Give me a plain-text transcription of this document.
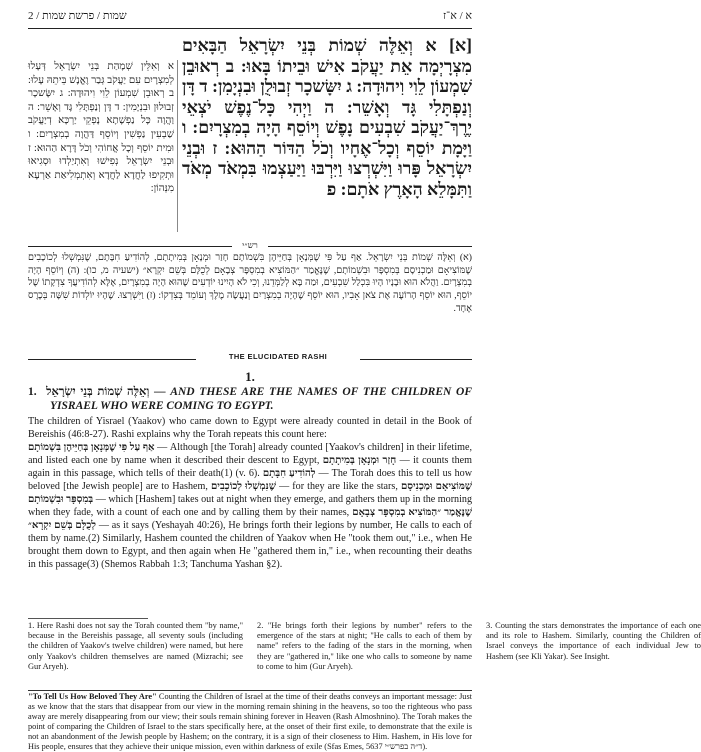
2 / שמות / פרשת שמות	א / א־ז
[א] א וְאֵלֶּה שְׁמוֹת בְּנֵי יִשְׂרָאֵל הַבָּאִים מִצְרָיְמָה אֵת יַעֲקֹב אִישׁ וּבֵיתוֹ בָּאוּ: ב רְאוּבֵן שִׁמְעוֹן לֵוִי וִיהוּדָה: ג יִשָּׂשכָר זְבוּלֻן וּבִנְיָמִן: ד דָּן וְנַפְתָּלִי גָּד וְאָשֵׁר: ה וַיְהִי כָּל־נֶפֶשׁ יֹצְאֵי יֶרֶךְ־יַעֲקֹב שִׁבְעִים נָפֶשׁ וְיוֹסֵף הָיָה בְמִצְרָיִם: ו וַיָּמָת יוֹסֵף וְכָל־אֶחָיו וְכֹל הַדּוֹר הַהוּא: ז וּבְנֵי יִשְׂרָאֵל פָּרוּ וַיִּשְׁרְצוּ וַיִּרְבּוּ וַיַּעַצְמוּ בִּמְאֹד מְאֹד וַתִּמָּלֵא הָאָרֶץ אֹתָם: פ
א וְאִלֵּין שְׁמָהַת בְּנֵי יִשְׂרָאֵל דְּעָלוּ לְמִצְרָיִם עִם יַעֲקֹב גְּבַר וֶאֱנָשׁ בֵּיתֵהּ עָלוּ: ב רְאוּבֵן שִׁמְעוֹן לֵוִי וִיהוּדָה: ג יִשָּׂשכָר זְבוּלוּן וּבִנְיָמִין: ד דָּן וְנַפְתָּלִי גָּד וְאָשֵׁר: ה וַהֲוָה כָּל נַפְשָׁתָא נָפְקֵי יַרְכָּא דְיַעֲקֹב שַׁבְעִין נַפְשִׁין וְיוֹסֵף דַּהֲוָה בְמִצְרָיִם: ו וּמִית יוֹסֵף וְכָל אֲחוֹהִי וְכֹל דָּרָא הַהוּא: ז וּבְנֵי יִשְׂרָאֵל נְפִישׁוּ וְאִתְיַלְדוּ וּסְגִיאוּ וּתְקִיפוּ לַחֲדָא לַחֲדָא וְאִתְמְלִיאַת אַרְעָא מִנְּהוֹן:
רש״י
(א) וְאֵלֶּה שְׁמוֹת בְּנֵי יִשְׂרָאֵל. אַף עַל פִּי שֶׁמְּנָאָן בְּחַיֵּיהֶן בִּשְׁמוֹתָם חָזַר וּמְנָאָן בְּמִיתָתָם, לְהוֹדִיעַ חִבָּתָם, שֶׁנִּמְשְׁלוּ לְכוֹכָבִים שֶׁמּוֹצִיאָם וּמַכְנִיסָם בְּמִסְפָּר וּבִשְׁמוֹתָם, שֶׁנֶּאֱמַר ״הַמּוֹצִיא בְמִסְפָּר צְבָאָם לְכֻלָּם בְּשֵׁם יִקְרָא״ (ישעיה מ, כו): (ה) וְיוֹסֵף הָיָה בְמִצְרָיִם. וַהֲלֹא הוּא וּבָנָיו הָיוּ בִּכְלַל שִׁבְעִים, וּמַה בָּא לְלַמְּדֵנוּ, וְכִי לֹא הָיִינוּ יוֹדְעִים שֶׁהוּא הָיָה בְמִצְרָיִם, אֶלָּא לְהוֹדִיעֲךָ צִדְקָתוֹ שֶׁל יוֹסֵף, הוּא יוֹסֵף הָרוֹעֶה אֶת צֹאן אָבִיו, הוּא יוֹסֵף שֶׁהָיָה בְמִצְרַיִם וְנַעֲשָׂה מֶלֶךְ וְעוֹמֵד בְּצִדְקוֹ: (ז) וַיִּשְׁרְצוּ. שֶׁהָיוּ יוֹלְדוֹת שִׁשָּׁה בְּכֶרֶס אֶחָד.
THE ELUCIDATED RASHI
1.

1. וְאֵלֶּה שְׁמוֹת בְּנֵי יִשְׂרָאֵל — AND THESE ARE THE NAMES OF THE CHILDREN OF YISRAEL WHO WERE COMING TO EGYPT.

The children of Yisrael (Yaakov) who came down to Egypt were already counted in detail in the Book of Bereishis (46:8-27). Rashi explains why the Torah repeats this count here:

אַף עַל פִּי שֶׁמְּנָאָן בְּחַיֵּיהֶן בִּשְׁמוֹתָם — Although [the Torah] already counted [Yaakov's children] in their lifetime, and listed each one by name when it described their descent to Egypt, חָזַר וּמְנָאָן בְּמִיתָתָם — it counts them again in this passage, which tells of their death(1) (v. 6). לְהוֹדִיעַ חִבָּתָם — The Torah does this to tell us how beloved [the Jewish people] are to Hashem, שֶׁנִּמְשְׁלוּ לְכוֹכָבִים — for they are like the stars, שֶׁמּוֹצִיאָם וּמַכְנִיסָם בְּמִסְפָּר וּבִשְׁמוֹתָם — which [Hashem] takes out at night when they emerge, and gathers them up in the morning when they fade, with a count of each one and by calling them by their names, שֶׁנֶּאֱמַר ״הַמּוֹצִיא בְמִסְפָּר צְבָאָם לְכֻלָּם בְּשֵׁם יִקְרָא״ — as it says (Yeshayah 40:26), He brings forth their legions by number, He calls to each of them by name.(2) Similarly, Hashem counted the children of Yaakov when He "took them out," i.e., when He brought them down to Egypt, and then again when He "gathered them in," i.e., when recounting their deaths in this passage(3) (Shemos Rabbah 1:3; Tanchuma Yashan §2).

1. Here Rashi does not say the Torah counted them "by name," because in the Bereishis passage, all seventy souls (including the children of Yaakov's twelve children) were named, but here only Yaakov's children themselves are named (Mizrachi; see Gur Aryeh).

2. "He brings forth their legions by number" refers to the emergence of the stars at night; "He calls to each of them by name" refers to the fading of the stars in the morning, when they are "gathered in," like one who calls to someone by name to come to him (Gur Aryeh).

3. Counting the stars demonstrates the importance of each one and its role to Hashem. Similarly, counting the Children of Israel conveys the importance of each individual Jew to Hashem (see Kli Yakar). See Insight.

"To Tell Us How Beloved They Are" Counting the Children of Israel at the time of their deaths conveys an important message: Just as we know that the stars that disappear from our view in the morning remain shining in the heavens, so too the righteous who pass away are merely disappearing from our view; their souls remain shining forever in Heaven (Rash Almoshnino). The Torah makes the point of comparing the Children of Israel to the stars specifically here, at the onset of their first exile, to demonstrate that the exile is not an abandonment of the Jewish people by Hashem; on the contrary, it is a sign of their closeness to Him. Hashem, in His love for His people, ensures that they achieve their unique mission, even within darkness of exile (Sfas Emes, 5637 ד״ה בפרש״י).
